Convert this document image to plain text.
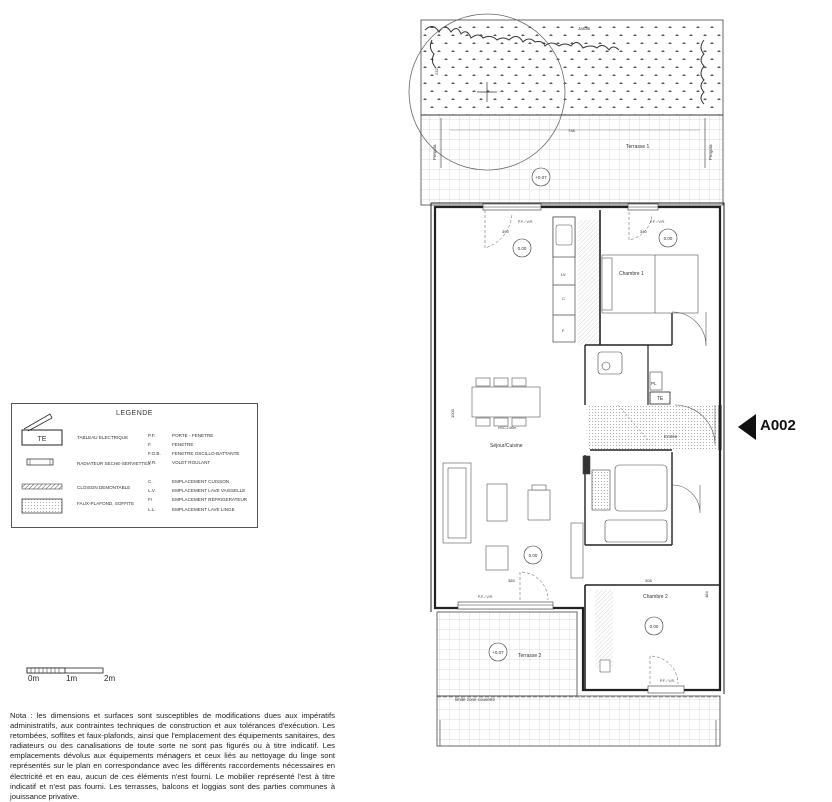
Jardin
Terrasse 1
738
232
Pergola	Pergola
+0.07
P.F. / V.R.	P.F. / V.R.
393	340
LV
C
F
Chambre 1
0.00
PL
TE
Entrée
HSO 2.60m
Séjour/Cuisine
0.00
0.00
1000
385
P.F. / V.R.
P.F. / V.R.
Terrasse 2
limite zone couverte
+0.07
Chambre 2
308
484
0.00
TE
LEGENDE
TABLEAU ELECTRIQUE
RADIATEUR SECHE-SERVIETTES
CLOISON DEMONTABLE
FAUX-PLAFOND, SOFFITE
P.F.	PORTE - FENETRE
F.	FENETRE
F.O.B. FENETRE OSCILLO-BATTANTE
V.R.	VOLET ROULANT
C.	EMPLACEMENT CUISSON
L.V.	EMPLACEMENT LAVE VAISSELLE
Fr	EMPLACEMENT REFRIGERATEUR
L.L.	EMPLACEMENT LAVE LINGE
0m	1m	2m
A002
Nota : les dimensions et surfaces sont susceptibles de modifications dues aux impératifs administratifs, aux contraintes techniques de construction et aux tolérances d'exécution. Les retombées, soffites et faux-plafonds, ainsi que l'emplacement des équipements sanitaires, des radiateurs ou des canalisations de toute sorte ne sont pas figurés ou à titre indicatif. Les emplacements dévolus aux équipements ménagers et ceux liés au nettoyage du linge sont représentés sur le plan en correspondance avec les différents raccordements nécessaires en électricité et en eau, aucun de ces éléments n'est fourni. Le mobilier représenté l'est à titre indicatif et n'est pas fourni. Les terrasses, balcons et loggias sont des parties communes à jouissance privative.
